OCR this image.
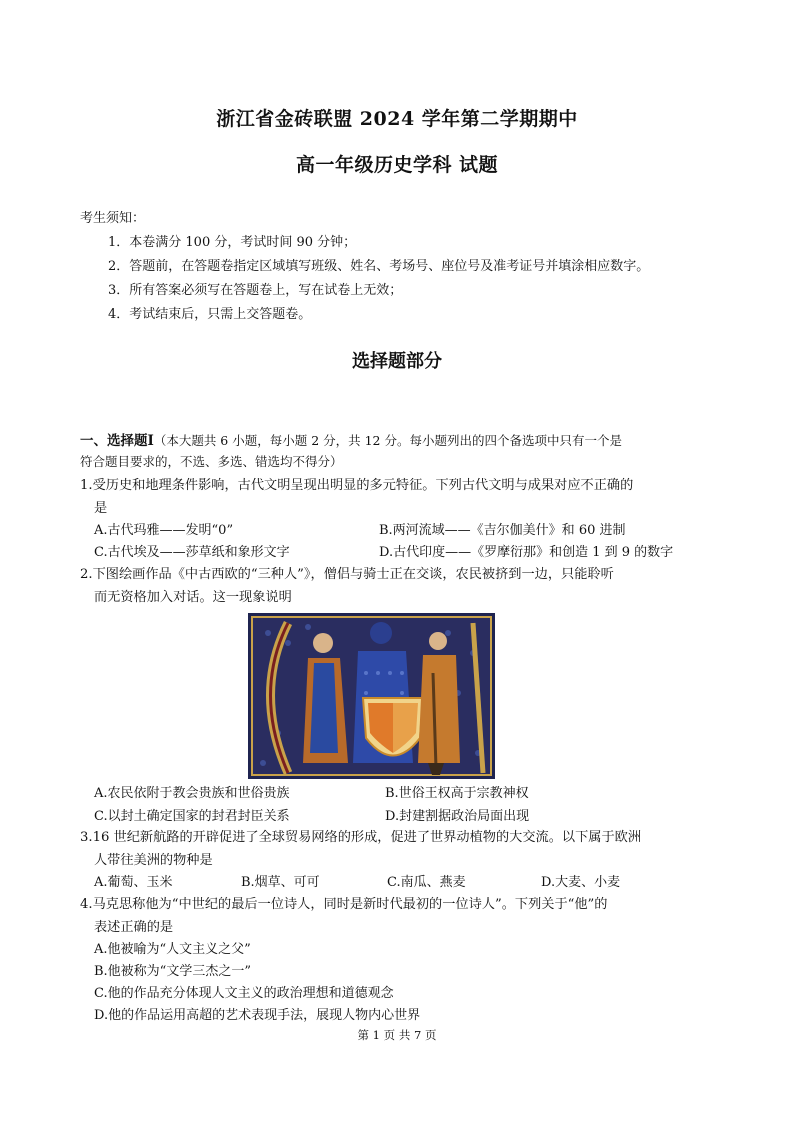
浙江省金砖联盟 2024 学年第二学期期中
高一年级历史学科 试题
考生须知：
1．本卷满分 100 分，考试时间 90 分钟；
2．答题前，在答题卷指定区域填写班级、姓名、考场号、座位号及准考证号并填涂相应数字。
3．所有答案必须写在答题卷上，写在试卷上无效；
4．考试结束后，只需上交答题卷。
选择题部分
一、选择题Ⅰ（本大题共 6 小题，每小题 2 分，共 12 分。每小题列出的四个备选项中只有一个是
符合题目要求的，不选、多选、错选均不得分）
1.受历史和地理条件影响，古代文明呈现出明显的多元特征。下列古代文明与成果对应不正确的
是
A.古代玛雅——发明“0”	B.两河流域——《吉尔伽美什》和 60 进制
C.古代埃及——莎草纸和象形文字	D.古代印度——《罗摩衍那》和创造 1 到 9 的数字
2.下图绘画作品《中古西欧的“三种人”》，僧侣与骑士正在交谈，农民被挤到一边，只能聆听
而无资格加入对话。这一现象说明
A.农民依附于教会贵族和世俗贵族	B.世俗王权高于宗教神权
C.以封土确定国家的封君封臣关系	D.封建割据政治局面出现
3.16 世纪新航路的开辟促进了全球贸易网络的形成，促进了世界动植物的大交流。以下属于欧洲
人带往美洲的物种是
A.葡萄、玉米	B.烟草、可可	C.南瓜、燕麦	D.大麦、小麦
4.马克思称他为“中世纪的最后一位诗人，同时是新时代最初的一位诗人”。下列关于“他”的
表述正确的是
A.他被喻为“人文主义之父”
B.他被称为“文学三杰之一”
C.他的作品充分体现人文主义的政治理想和道德观念
D.他的作品运用高超的艺术表现手法，展现人物内心世界
第 1 页 共 7 页
